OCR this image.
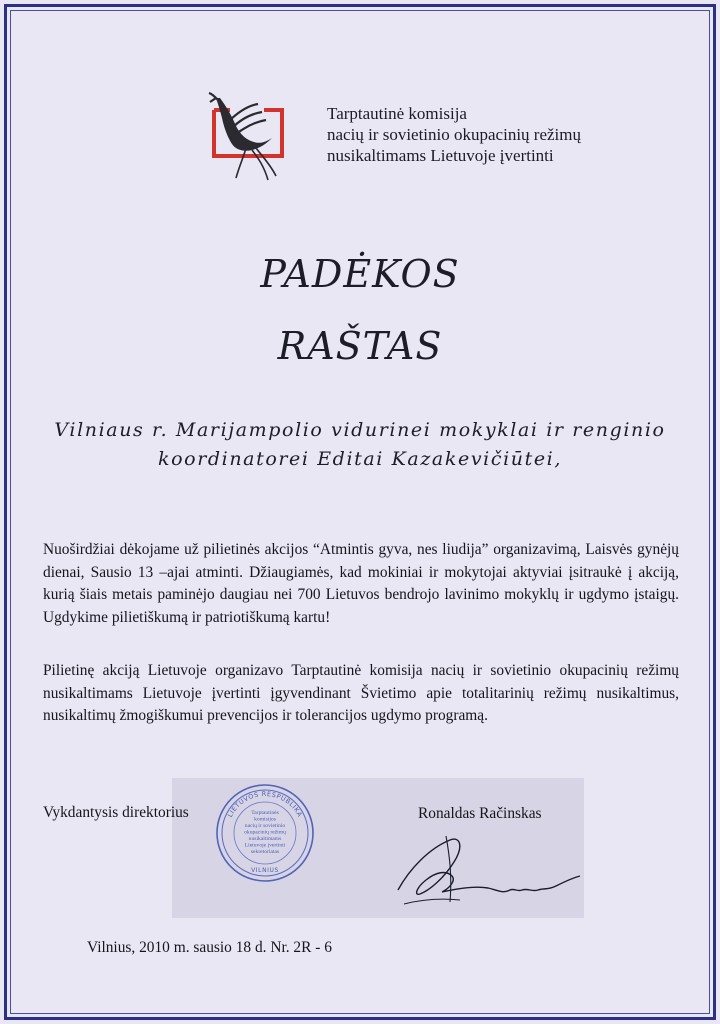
Tarptautinė komisija
nacių ir sovietinio okupacinių režimų
nusikaltimams Lietuvoje įvertinti
PADĖKOS
RAŠTAS
Vilniaus r. Marijampolio vidurinei mokyklai ir renginio
koordinatorei Editai Kazakevičiūtei,
Nuoširdžiai dėkojame už pilietinės akcijos “Atmintis gyva, nes liudija” organizavimą, Laisvės gynėjų dienai, Sausio 13 –ajai atminti. Džiaugiamės, kad mokiniai ir mokytojai aktyviai įsitraukė į akciją, kurią šiais metais paminėjo daugiau nei 700 Lietuvos bendrojo lavinimo mokyklų ir ugdymo įstaigų. Ugdykime pilietiškumą ir patriotiškumą kartu!
Pilietinę akciją Lietuvoje organizavo Tarptautinė komisija nacių ir sovietinio okupacinių režimų nusikaltimams Lietuvoje įvertinti įgyvendinant Švietimo apie totalitarinių režimų nusikaltimus, nusikaltimų žmogiškumui prevencijos ir tolerancijos ugdymo programą.
Vykdantysis direktorius	Ronaldas Račinskas
LIETUVOS RESPUBLIKA
Tarptautinės
komisijos
nacių ir sovietinio
okupacinių režimų
nusikaltimams
Lietuvoje įvertinti
sekretoriatas
VILNIUS
Vilnius, 2010 m. sausio 18 d. Nr. 2R - 6
